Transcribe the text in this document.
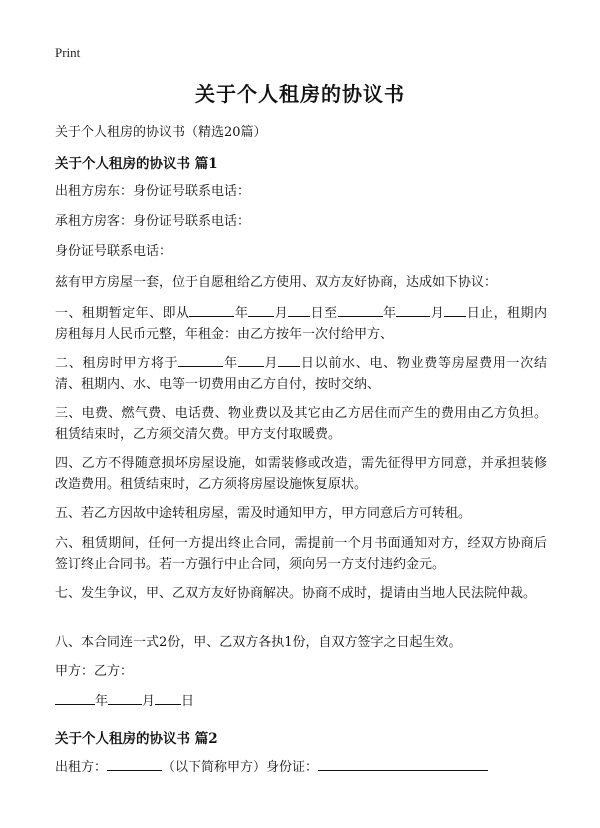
Print
关于个人租房的协议书
关于个人租房的协议书（精选20篇）
关于个人租房的协议书 篇1
出租方房东：身份证号联系电话：
承租方房客：身份证号联系电话：
身份证号联系电话：
兹有甲方房屋一套，位于自愿租给乙方使用、双方友好协商，达成如下协议：
一、租期暂定年、即从	年 月 日至	年	月 日止，租期内房租每月人民币元整，年租金：由乙方按年一次付给甲方、
二、租房时甲方将于	年 月 日以前水、电、物业费等房屋费用一次结清、租期内、水、电等一切费用由乙方自付，按时交纳、
三、电费、燃气费、电话费、物业费以及其它由乙方居住而产生的费用由乙方负担。租赁结束时，乙方须交清欠费。甲方支付取暖费。
四、乙方不得随意损坏房屋设施，如需装修或改造，需先征得甲方同意，并承担装修改造费用。租赁结束时，乙方须将房屋设施恢复原状。
五、若乙方因故中途转租房屋，需及时通知甲方，甲方同意后方可转租。
六、租赁期间，任何一方提出终止合同，需提前一个月书面通知对方，经双方协商后签订终止合同书。若一方强行中止合同，须向另一方支付违约金元。
七、发生争议，甲、乙双方友好协商解决。协商不成时，提请由当地人民法院仲裁。
八、本合同连一式2份，甲、乙双方各执1份，自双方签字之日起生效。
甲方：乙方：
年	月 日
关于个人租房的协议书 篇2
出租方：	（以下简称甲方）身份证：
